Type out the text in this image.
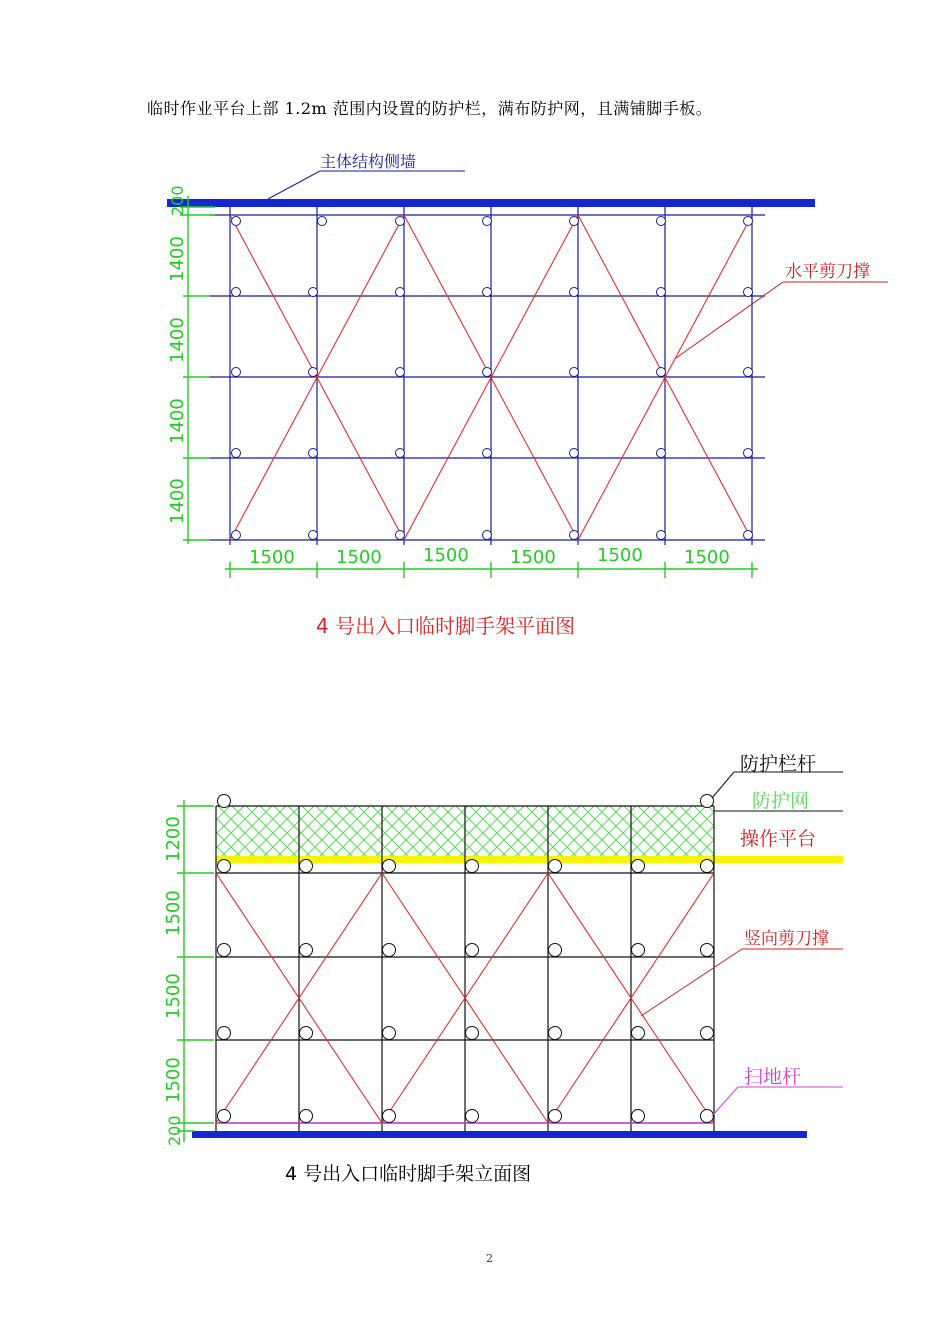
临时作业平台上部 1.2m 范围内设置的防护栏，满布防护网，且满铺脚手板。
主体结构侧墙
水平剪刀撑
200
1400
1400
1400
1400
1500 1500 1500 1500 1500 1500
1200
1500
1500
1500
200
防护栏杆
防护网
操作平台
竖向剪刀撑
扫地杆
4 号出入口临时脚手架平面图
4 号出入口临时脚手架立面图
2
